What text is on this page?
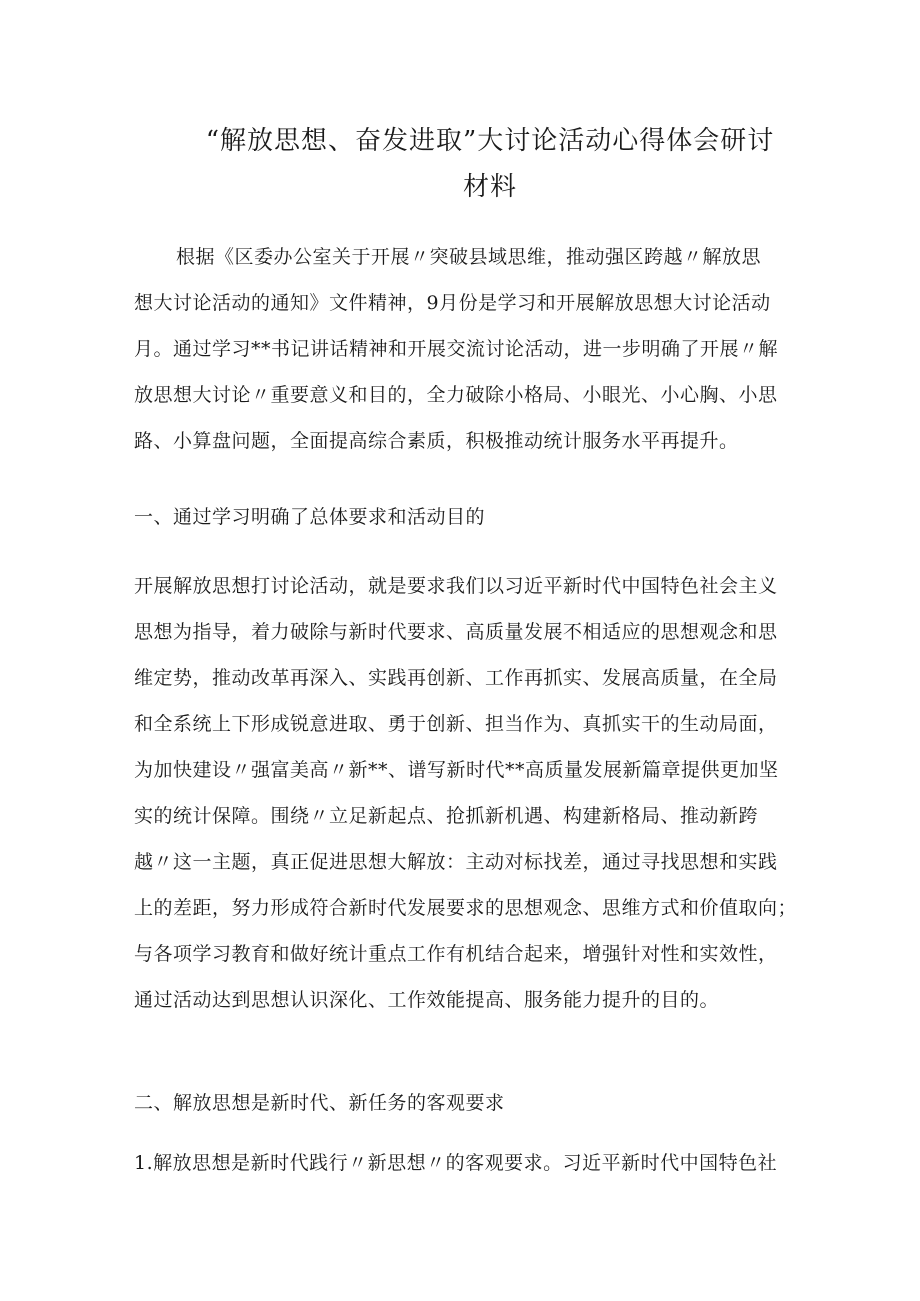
“解放思想、奋发进取”大讨论活动心得体会研讨
材料
根据《区委办公室关于开展〃突破县域思维，推动强区跨越〃解放思
想大讨论活动的通知》文件精神，9月份是学习和开展解放思想大讨论活动
月。通过学习**书记讲话精神和开展交流讨论活动，进一步明确了开展〃解
放思想大讨论〃重要意义和目的，全力破除小格局、小眼光、小心胸、小思
路、小算盘问题，全面提高综合素质，积极推动统计服务水平再提升。
一、通过学习明确了总体要求和活动目的
开展解放思想打讨论活动，就是要求我们以习近平新时代中国特色社会主义
思想为指导，着力破除与新时代要求、高质量发展不相适应的思想观念和思
维定势，推动改革再深入、实践再创新、工作再抓实、发展高质量，在全局
和全系统上下形成锐意进取、勇于创新、担当作为、真抓实干的生动局面，
为加快建设〃强富美高〃新**、谱写新时代**高质量发展新篇章提供更加坚
实的统计保障。围绕〃立足新起点、抢抓新机遇、构建新格局、推动新跨
越〃这一主题，真正促进思想大解放：主动对标找差，通过寻找思想和实践
上的差距，努力形成符合新时代发展要求的思想观念、思维方式和价值取向；
与各项学习教育和做好统计重点工作有机结合起来，增强针对性和实效性，
通过活动达到思想认识深化、工作效能提高、服务能力提升的目的。
二、解放思想是新时代、新任务的客观要求
1.解放思想是新时代践行〃新思想〃的客观要求。习近平新时代中国特色社
